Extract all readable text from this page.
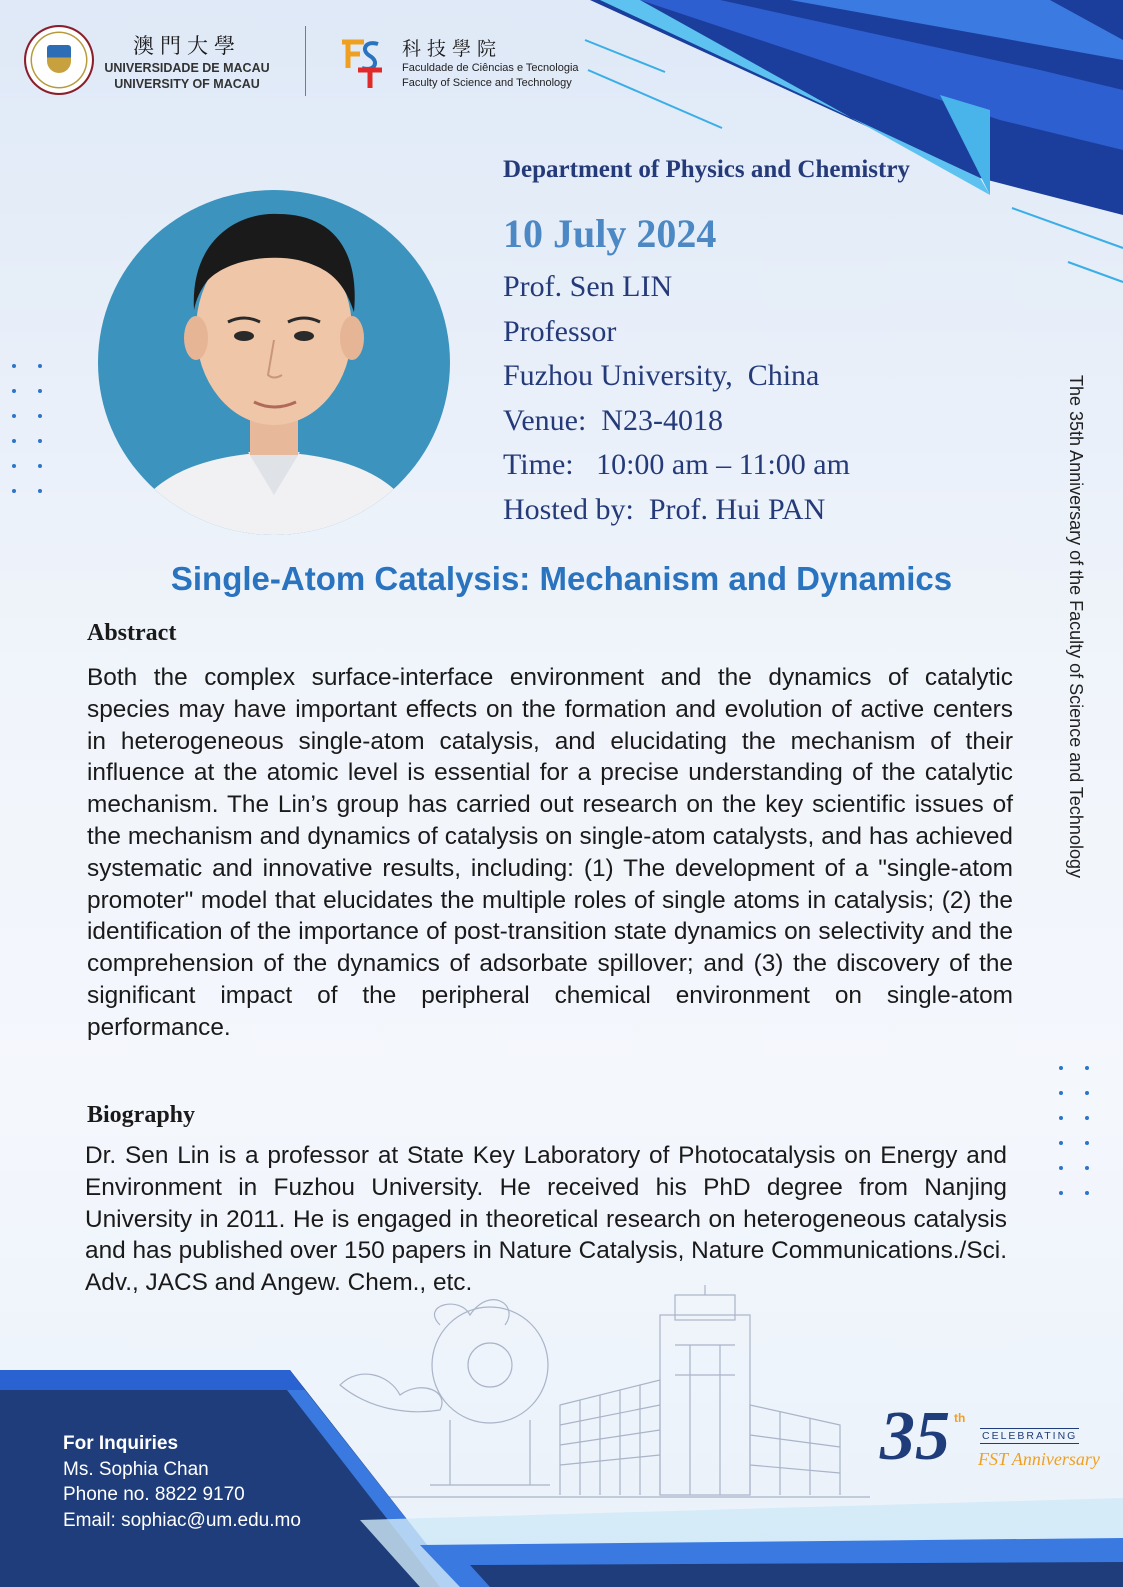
澳門大學
UNIVERSIDADE DE MACAU
UNIVERSITY OF MACAU
科技學院
Faculdade de Ciências e Tecnologia
Faculty of Science and Technology
Department of Physics and Chemistry
10 July 2024
Prof. Sen LIN
Professor
Fuzhou University,  China
Venue:  N23-4018
Time:   10:00 am – 11:00 am
Hosted by:  Prof. Hui PAN
Single-Atom Catalysis: Mechanism and Dynamics
Abstract
Both the complex surface-interface environment and the dynamics of catalytic species may have important effects on the formation and evolution of active centers in heterogeneous single-atom catalysis, and elucidating the mechanism of their influence at the atomic level is essential for a precise understanding of the catalytic mechanism. The Lin’s group has carried out research on the key scientific issues of the mechanism and dynamics of catalysis on single-atom catalysts, and has achieved systematic and innovative results, including: (1) The development of a "single-atom promoter" model that elucidates the multiple roles of single atoms in catalysis; (2) the identification of the importance of post-transition state dynamics on selectivity and the comprehension of the dynamics of adsorbate spillover; and (3) the discovery of the significant impact of the peripheral chemical environment on single-atom performance.
Biography
Dr. Sen Lin is a professor at State Key Laboratory of Photocatalysis on Energy and Environment in Fuzhou University. He received his PhD degree from Nanjing University in 2011. He is engaged in theoretical research on heterogeneous catalysis and has published over 150 papers in Nature Catalysis, Nature Communications./Sci. Adv., JACS and Angew. Chem., etc.
The 35th Anniversary of the Faculty of Science and Technology
For Inquiries
Ms. Sophia Chan
Phone no. 8822 9170
Email: sophiac@um.edu.mo
35 th
CELEBRATING
FST Anniversary
